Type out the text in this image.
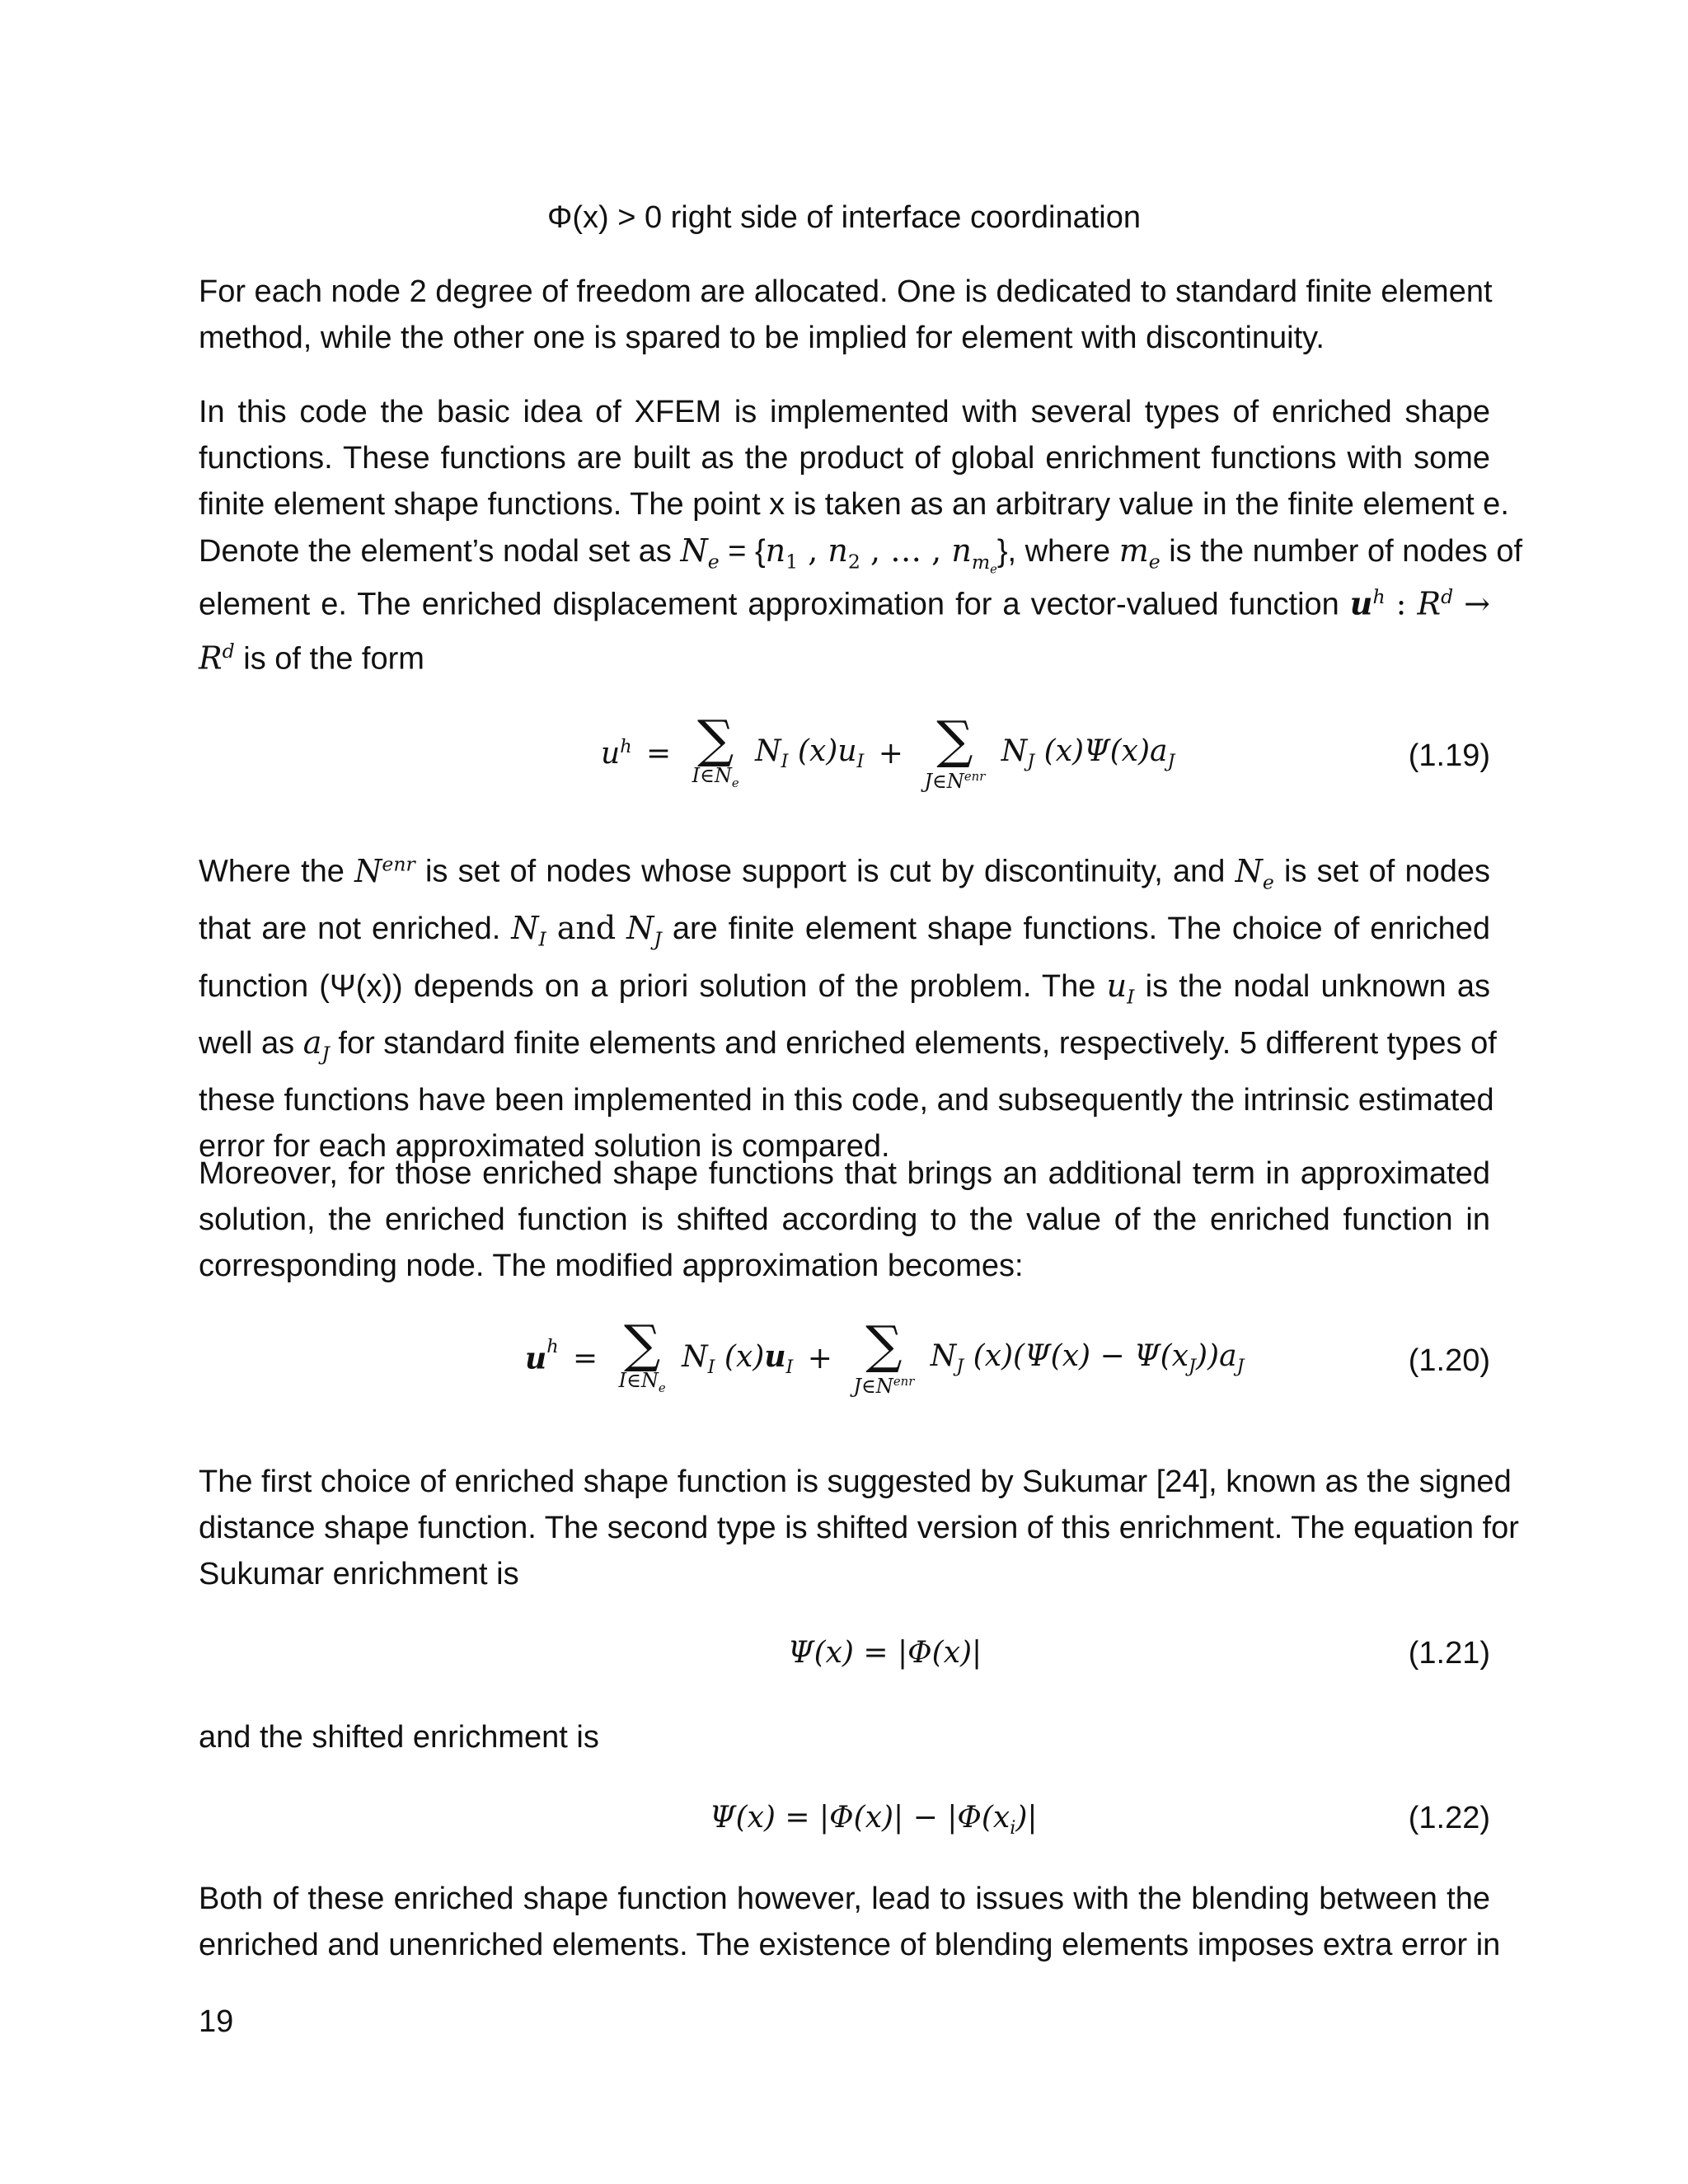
Φ(x) > 0 right side of interface coordination
For each node 2 degree of freedom are allocated. One is dedicated to standard finite element
method, while the other one is spared to be implied for element with discontinuity.
In this code the basic idea of XFEM is implemented with several types of enriched shape
functions. These functions are built as the product of global enrichment functions with some
finite element shape functions. The point x is taken as an arbitrary value in the finite element e.
Denote the element’s nodal set as $N_e = \{n_1$ , $n_2$ , … , $n_{m_e}$}, where $m_e$ is the number of nodes of
element e. The enriched displacement approximation for a vector-valued function $u^h$ : $R^d$ →
$R^d$ is of the form
$u^h$ = ∑
$I\in N_e$
$N_I$ $(x)u_I$ + ∑
$J\in N^{enr}$
$N_J$ $(x)\Psi(x)a_J$	(1.19)
Where the $N^{enr}$ is set of nodes whose support is cut by discontinuity, and $N_e$ is set of nodes
that are not enriched. $N_I$ and $N_J$ are finite element shape functions. The choice of enriched
function (Ψ(x)) depends on a priori solution of the problem. The $u_I$ is the nodal unknown as
well as $a_J$ for standard finite elements and enriched elements, respectively. 5 different types of
these functions have been implemented in this code, and subsequently the intrinsic estimated
error for each approximated solution is compared.
Moreover, for those enriched shape functions that brings an additional term in approximated
solution, the enriched function is shifted according to the value of the enriched function in
corresponding node. The modified approximation becomes:
$u^h$ = ∑
$I\in N_e$
$N_I$ $(x)u_I$ + ∑
$J\in N^{enr}$
$N_J$ $(x)(\Psi(x) - \Psi(x_J))a_J$	(1.20)
The first choice of enriched shape function is suggested by Sukumar [24], known as the signed
distance shape function. The second type is shifted version of this enrichment. The equation for
Sukumar enrichment is
Ψ(x) = |Φ(x)|	(1.21)
and the shifted enrichment is
$\Psi(x) = |\Phi(x)| - |\Phi(x_i)|$	(1.22)
Both of these enriched shape function however, lead to issues with the blending between the
enriched and unenriched elements. The existence of blending elements imposes extra error in
19
